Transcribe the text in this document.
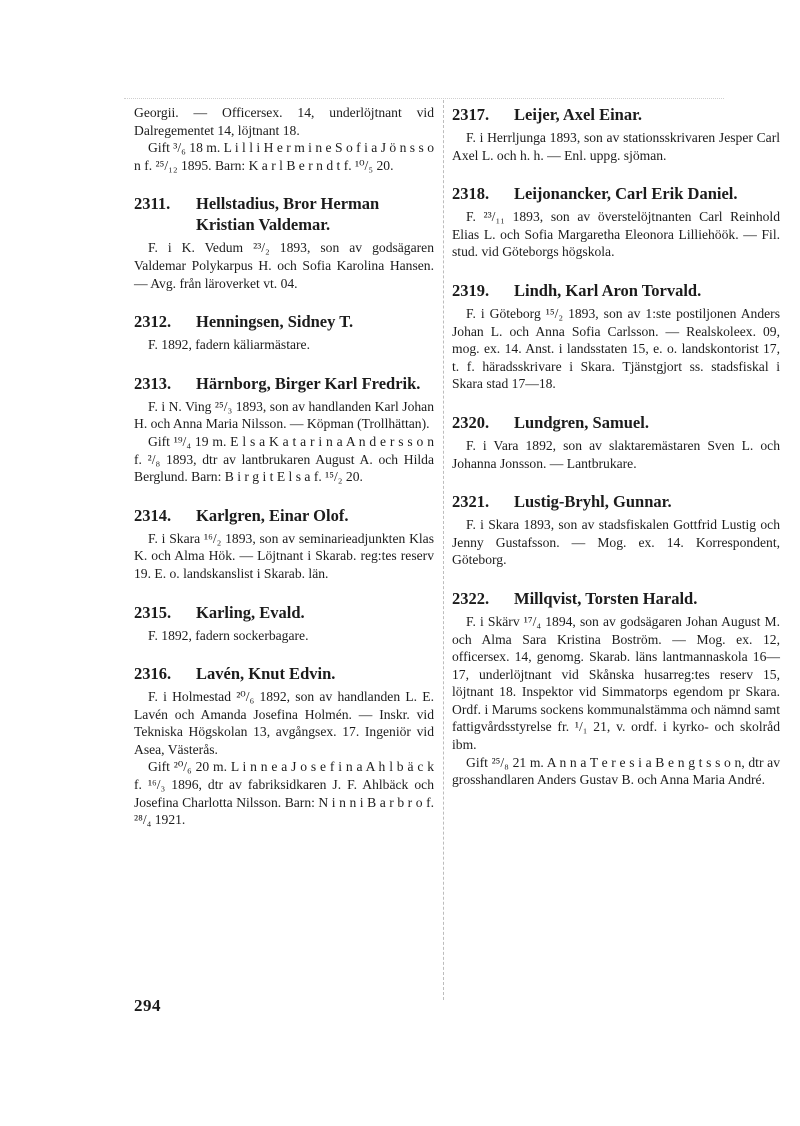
Georgii. — Officersex. 14, underlöjtnant vid Dalregementet 14, löjtnant 18.

Gift ³/₆ 18 m. L i l l i H e r m i n e S o f i a J ö n s s o n f. ²⁵/₁₂ 1895. Barn: K a r l B e r n d t f. ¹⁰/₅ 20.

2311. Hellstadius, Bror Herman Kristian Valdemar.

F. i K. Vedum ²³/₂ 1893, son av godsägaren Valdemar Polykarpus H. och Sofia Karolina Hansen. — Avg. från läroverket vt. 04.

2312. Henningsen, Sidney T.

F. 1892, fadern käliarmästare.

2313. Härnborg, Birger Karl Fredrik.

F. i N. Ving ²⁵/₃ 1893, son av handlanden Karl Johan H. och Anna Maria Nilsson. — Köpman (Trollhättan).

Gift ¹⁹/₄ 19 m. E l s a K a t a r i n a A n d e r s s o n f. ²/₈ 1893, dtr av lantbrukaren August A. och Hilda Berglund. Barn: B i r g i t E l s a f. ¹⁵/₂ 20.

2314. Karlgren, Einar Olof.

F. i Skara ¹⁶/₂ 1893, son av seminarieadjunkten Klas K. och Alma Hök. — Löjtnant i Skarab. reg:tes reserv 19. E. o. landskanslist i Skarab. län.

2315. Karling, Evald.

F. 1892, fadern sockerbagare.

2316. Lavén, Knut Edvin.

F. i Holmestad ²⁰/₆ 1892, son av handlanden L. E. Lavén och Amanda Josefina Holmén. — Inskr. vid Tekniska Högskolan 13, avgångsex. 17. Ingeniör vid Asea, Västerås.

Gift ²⁰/₆ 20 m. L i n n e a J o s e f i n a A h l b ä c k f. ¹⁶/₃ 1896, dtr av fabriksidkaren J. F. Ahlbäck och Josefina Charlotta Nilsson. Barn: N i n n i B a r b r o f. ²⁸/₄ 1921.

2317. Leijer, Axel Einar.

F. i Herrljunga 1893, son av stationsskrivaren Jesper Carl Axel L. och h. h. — Enl. uppg. sjöman.

2318. Leijonancker, Carl Erik Daniel.

F. ²³/₁₁ 1893, son av överstelöjtnanten Carl Reinhold Elias L. och Sofia Margaretha Eleonora Lilliehöök. — Fil. stud. vid Göteborgs högskola.

2319. Lindh, Karl Aron Torvald.

F. i Göteborg ¹⁵/₂ 1893, son av 1:ste postiljonen Anders Johan L. och Anna Sofia Carlsson. — Realskoleex. 09, mog. ex. 14. Anst. i landsstaten 15, e. o. landskontorist 17, t. f. häradsskrivare i Skara. Tjänstgjort ss. stadsfiskal i Skara stad 17—18.

2320. Lundgren, Samuel.

F. i Vara 1892, son av slaktaremästaren Sven L. och Johanna Jonsson. — Lantbrukare.

2321. Lustig-Bryhl, Gunnar.

F. i Skara 1893, son av stadsfiskalen Gottfrid Lustig och Jenny Gustafsson. — Mog. ex. 14. Korrespondent, Göteborg.

2322. Millqvist, Torsten Harald.

F. i Skärv ¹⁷/₄ 1894, son av godsägaren Johan August M. och Alma Sara Kristina Boström. — Mog. ex. 12, officersex. 14, genomg. Skarab. läns lantmannaskola 16—17, underlöjtnant vid Skånska husarreg:tes reserv 15, löjtnant 18. Inspektor vid Simmatorps egendom pr Skara. Ordf. i Marums sockens kommunalstämma och nämnd samt fattigvårdsstyrelse fr. ¹/₁ 21, v. ordf. i kyrko- och skolråd ibm.

Gift ²⁵/₈ 21 m. A n n a T e r e s i a B e n g t s s o n, dtr av grosshandlaren Anders Gustav B. och Anna Maria André.

294
